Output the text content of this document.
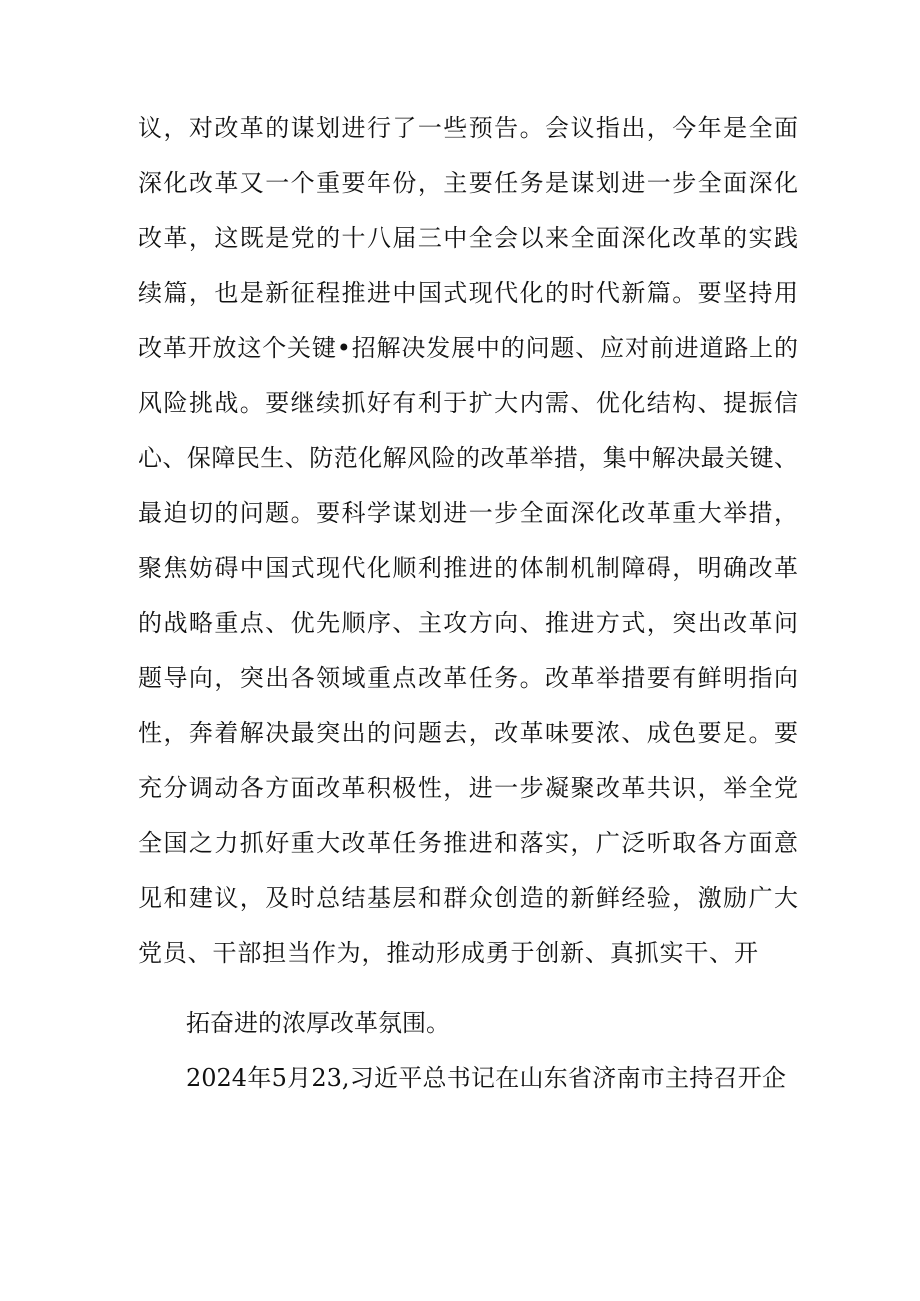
议，对改革的谋划进行了一些预告。会议指出，今年是全面
深化改革又一个重要年份，主要任务是谋划进一步全面深化
改革，这既是党的十八届三中全会以来全面深化改革的实践
续篇，也是新征程推进中国式现代化的时代新篇。要坚持用
改革开放这个关键•招解决发展中的问题、应对前进道路上的
风险挑战。要继续抓好有利于扩大内需、优化结构、提振信
心、保障民生、防范化解风险的改革举措，集中解决最关键、
最迫切的问题。要科学谋划进一步全面深化改革重大举措，
聚焦妨碍中国式现代化顺利推进的体制机制障碍，明确改革
的战略重点、优先顺序、主攻方向、推进方式，突出改革问
题导向，突出各领域重点改革任务。改革举措要有鲜明指向
性，奔着解决最突出的问题去，改革味要浓、成色要足。要
充分调动各方面改革积极性，进一步凝聚改革共识，举全党
全国之力抓好重大改革任务推进和落实，广泛听取各方面意
见和建议，及时总结基层和群众创造的新鲜经验，激励广大
党员、干部担当作为，推动形成勇于创新、真抓实干、开
拓奋进的浓厚改革氛围。
2024年5月23,习近平总书记在山东省济南市主持召开企
